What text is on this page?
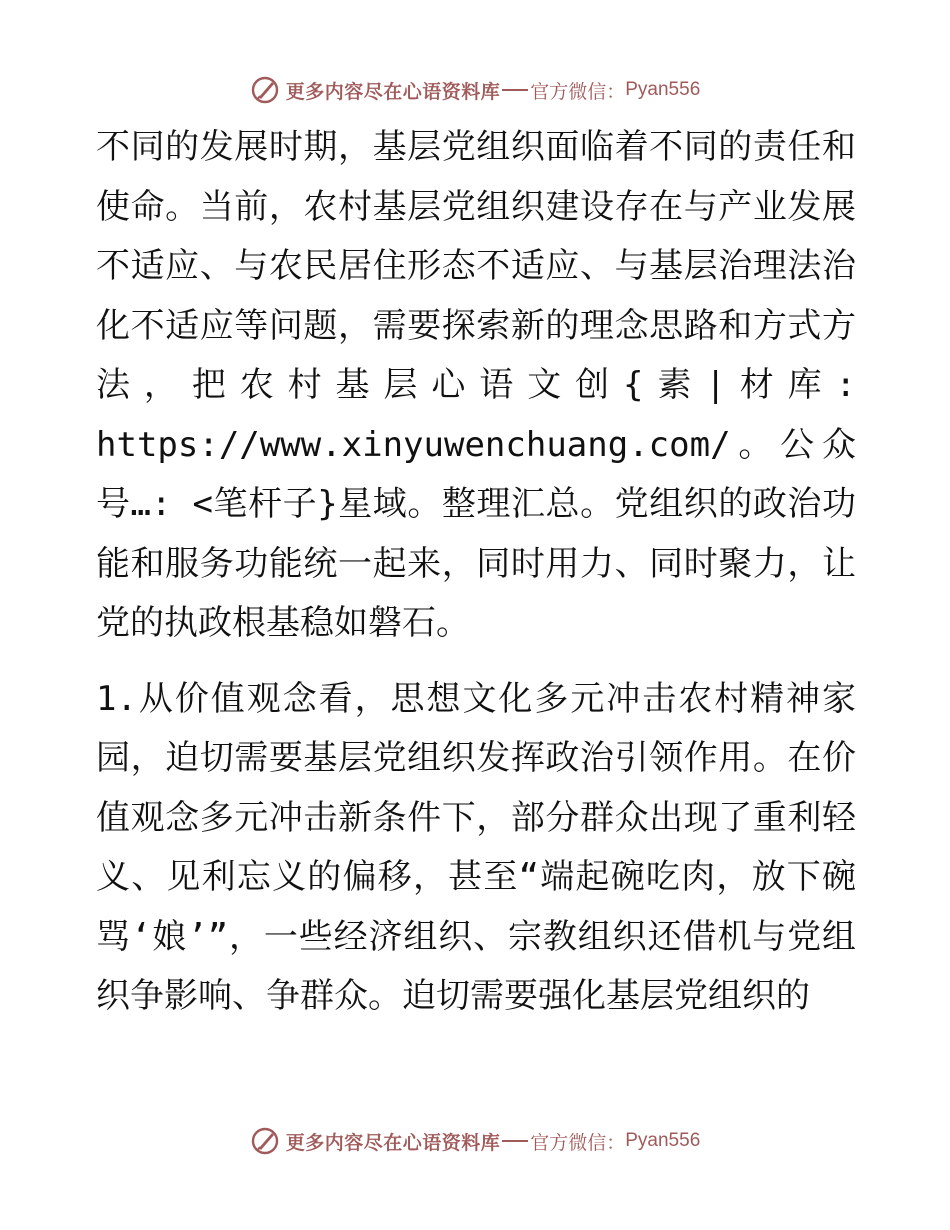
更多内容尽在心语资料库 官方微信： Pyan556

不同的发展时期，基层党组织面临着不同的责任和使命。当前，农村基层党组织建设存在与产业发展不适应、与农民居住形态不适应、与基层治理法治化不适应等问题，需要探索新的理念思路和方式方法，把农村基层心语文创{素|材库: https://www.xinyuwenchuang.com/。公众号…: <笔杆子}星域。整理汇总。党组织的政治功能和服务功能统一起来，同时用力、同时聚力，让党的执政根基稳如磐石。

1.从价值观念看，思想文化多元冲击农村精神家园，迫切需要基层党组织发挥政治引领作用。在价值观念多元冲击新条件下，部分群众出现了重利轻义、见利忘义的偏移，甚至“端起碗吃肉，放下碗骂‘娘’”，一些经济组织、宗教组织还借机与党组织争影响、争群众。迫切需要强化基层党组织的

更多内容尽在心语资料库 官方微信： Pyan556
